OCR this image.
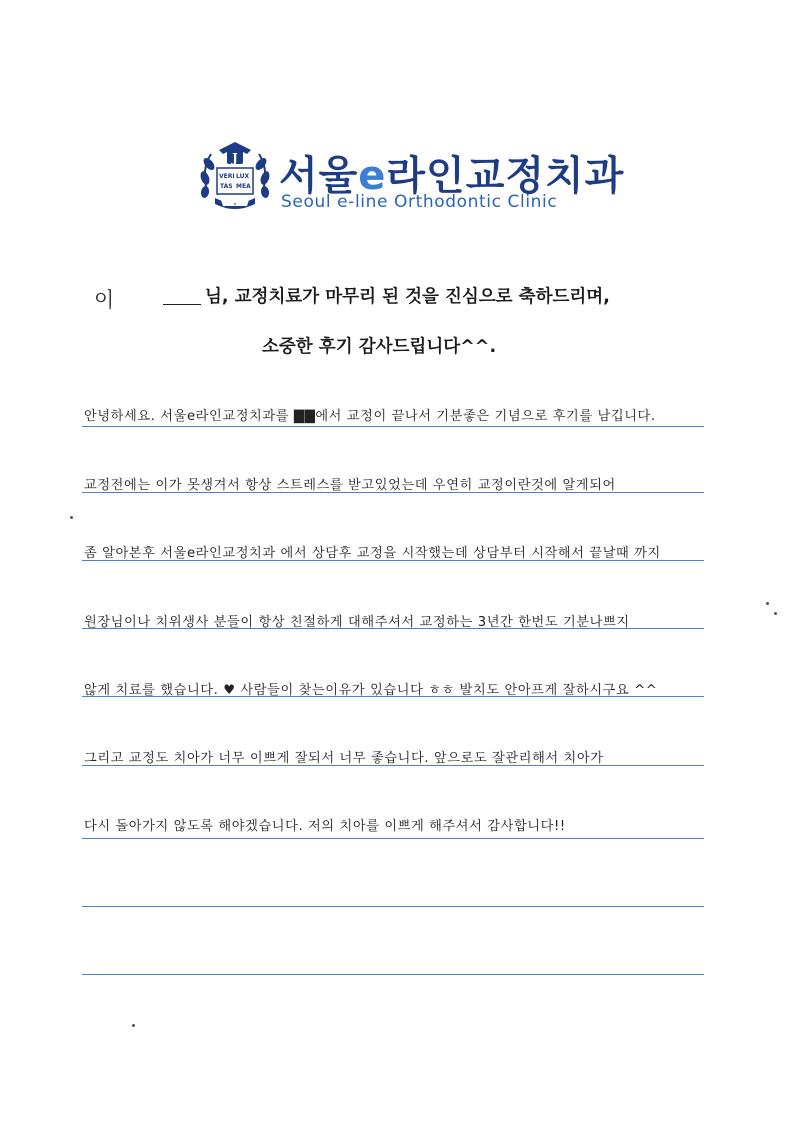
J
VERI LUX
TAS MEA 서울e라인교정치과
Seoul e-line Orthodontic Clinic
이	님, 교정치료가 마무리 된 것을 진심으로 축하드리며,
소중한 후기 감사드립니다^^.
안녕하세요. 서울e라인교정치과를 ▇▇에서 교정이 끝나서 기분좋은 기념으로 후기를 남깁니다.
교정전에는 이가 못생겨서 항상 스트레스를 받고있었는데 우연히 교정이란것에 알게되어
좀 알아본후 서울e라인교정치과 에서 상담후 교정을 시작했는데 상담부터 시작해서 끝날때 까지
원장님이나 치위생사 분들이 항상 친절하게 대해주셔서 교정하는 3년간 한번도 기분나쁘지
않게 치료를 했습니다. ♥ 사람들이 찾는이유가 있습니다 ㅎㅎ 발치도 안아프게 잘하시구요 ^^
그리고 교정도 치아가 너무 이쁘게 잘되서 너무 좋습니다. 앞으로도 잘관리해서 치아가
다시 돌아가지 않도록 해야겠습니다. 저의 치아를 이쁘게 해주셔서 감사합니다!!
